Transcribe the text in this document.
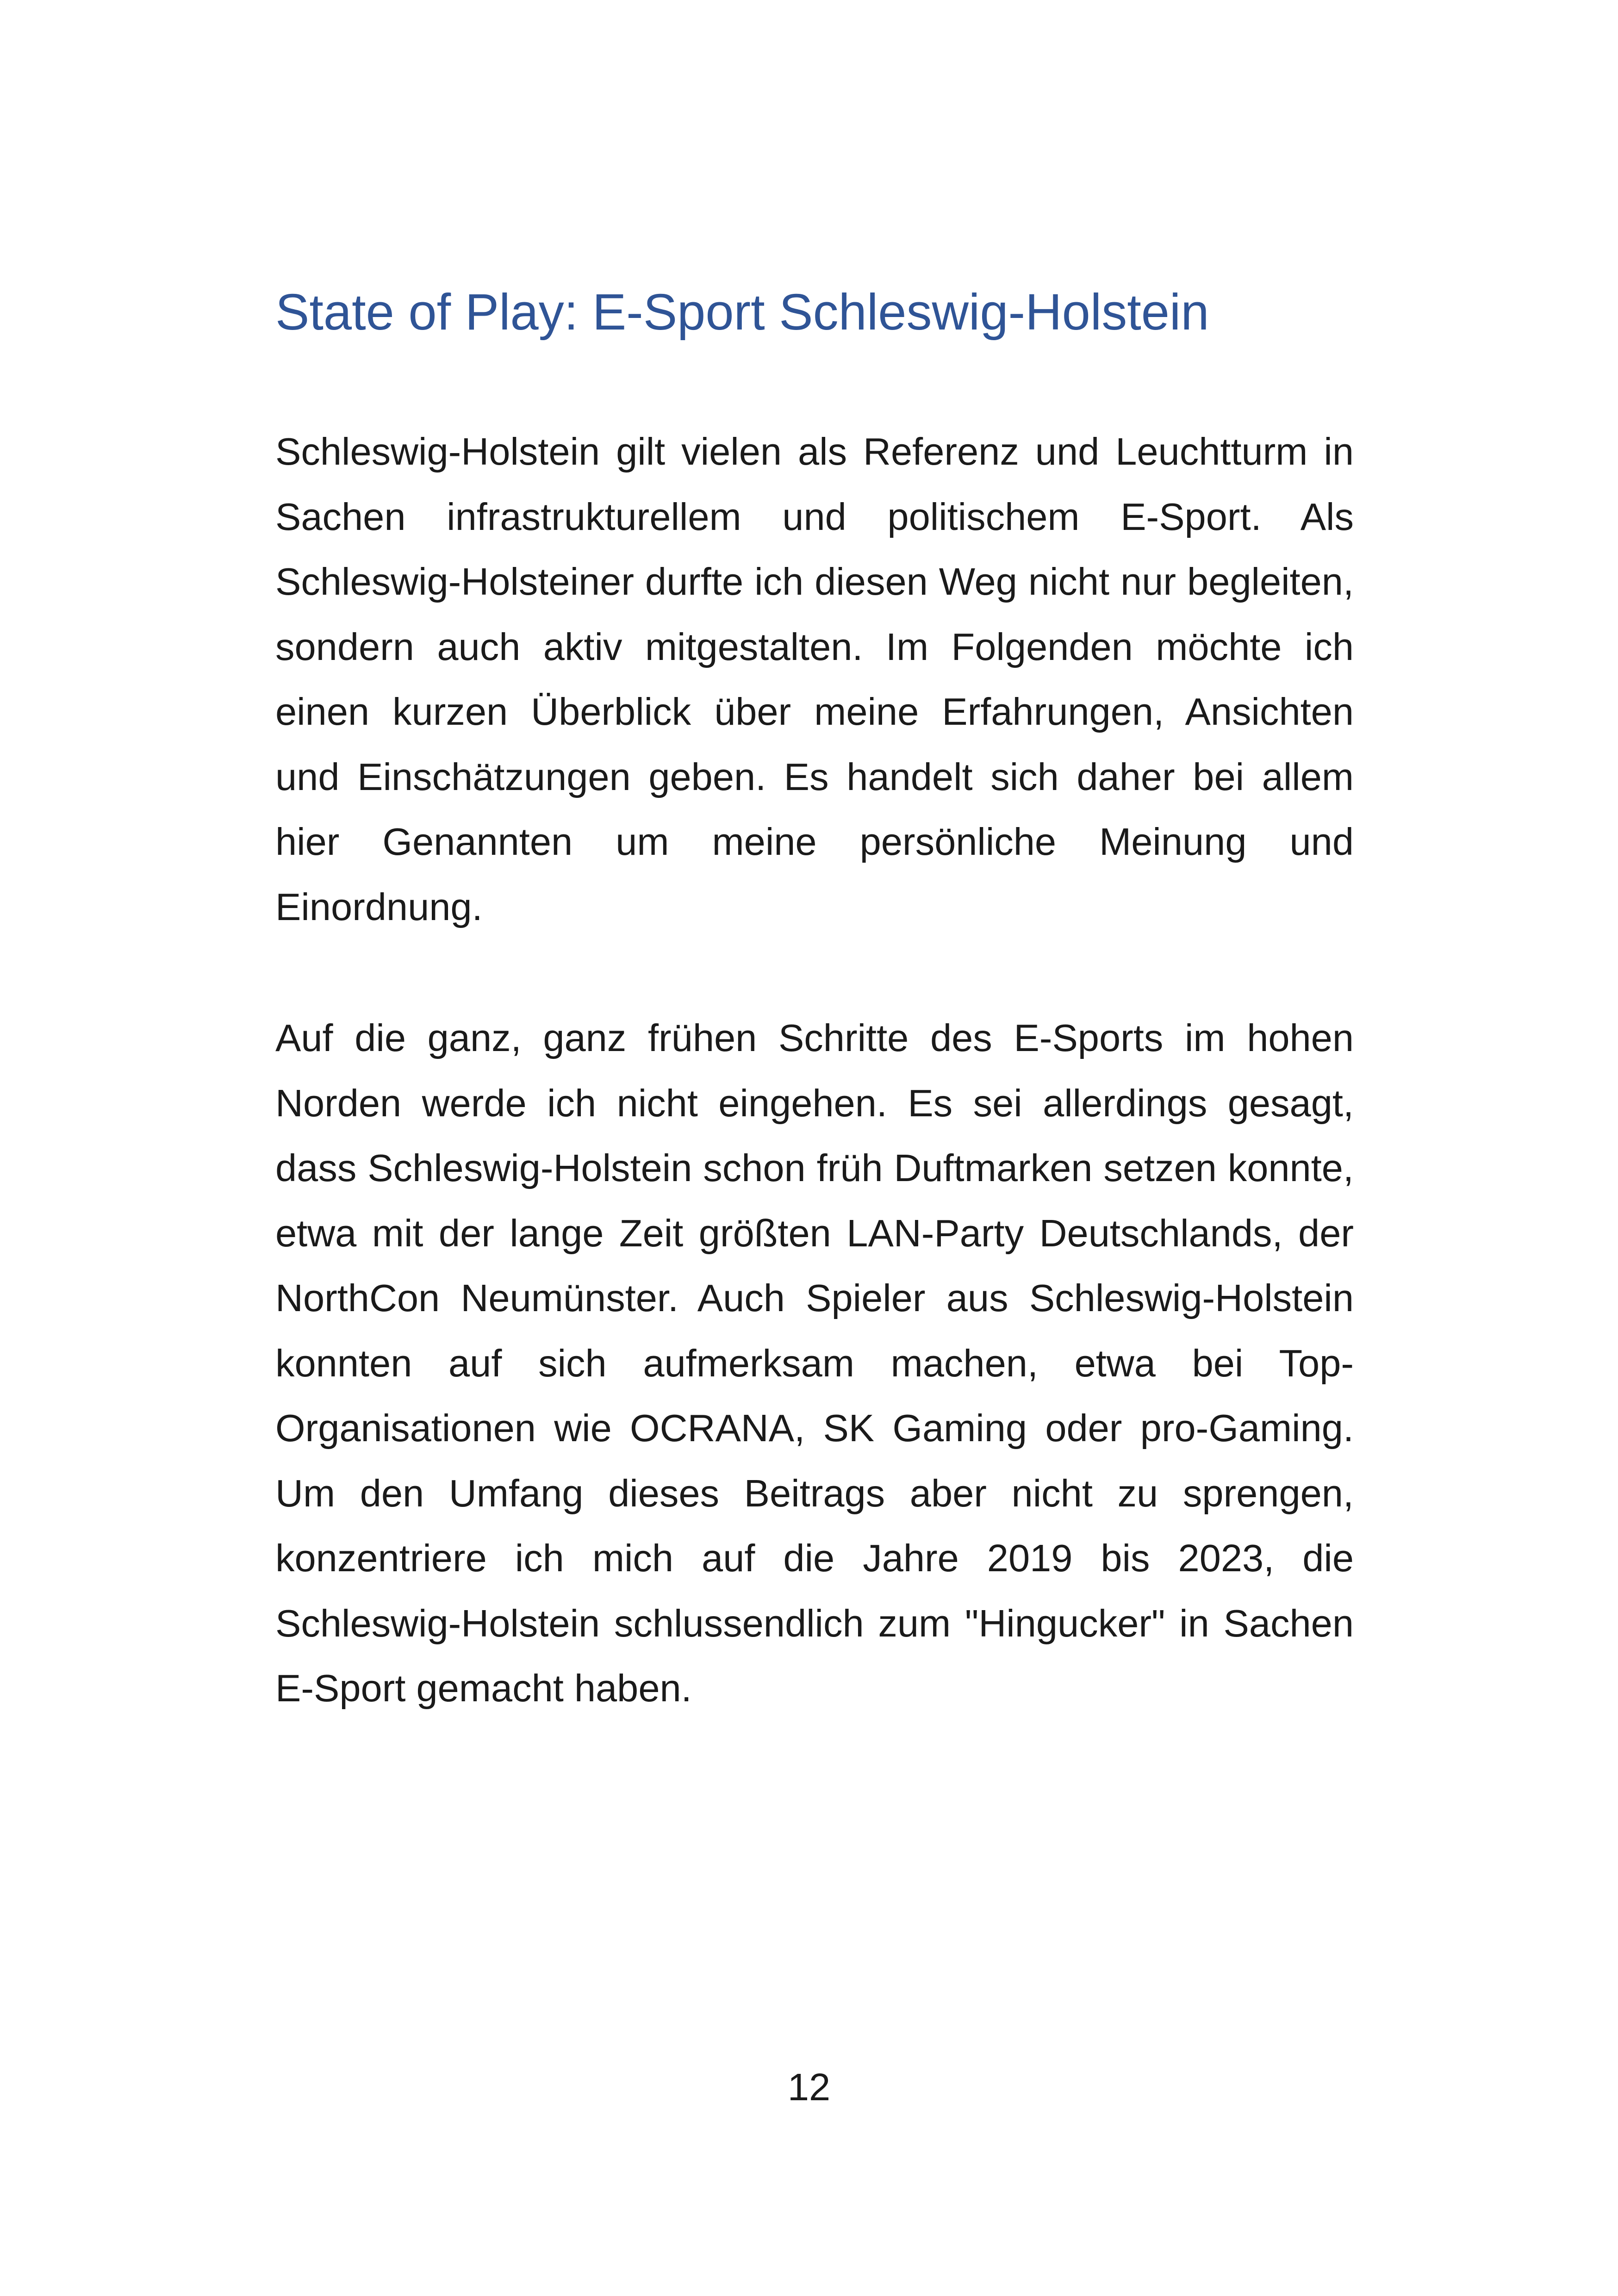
State of Play: E-Sport Schleswig-Holstein

Schleswig-Holstein gilt vielen als Referenz und Leuchtturm in Sachen infrastrukturellem und politischem E-Sport. Als Schleswig-Holsteiner durfte ich diesen Weg nicht nur begleiten, sondern auch aktiv mitgestalten. Im Folgenden möchte ich einen kurzen Überblick über meine Erfahrungen, Ansichten und Einschätzungen geben. Es handelt sich daher bei allem hier Genannten um meine persönliche Meinung und Einordnung.

Auf die ganz, ganz frühen Schritte des E-Sports im hohen Norden werde ich nicht eingehen. Es sei allerdings gesagt, dass Schleswig-Holstein schon früh Duftmarken setzen konnte, etwa mit der lange Zeit größten LAN-Party Deutschlands, der NorthCon Neumünster. Auch Spieler aus Schleswig-Holstein konnten auf sich aufmerksam machen, etwa bei Top-Organisationen wie OCRANA, SK Gaming oder pro-Gaming. Um den Umfang dieses Beitrags aber nicht zu sprengen, konzentriere ich mich auf die Jahre 2019 bis 2023, die Schleswig-Holstein schlussendlich zum "Hingucker" in Sachen E-Sport gemacht haben.

12
